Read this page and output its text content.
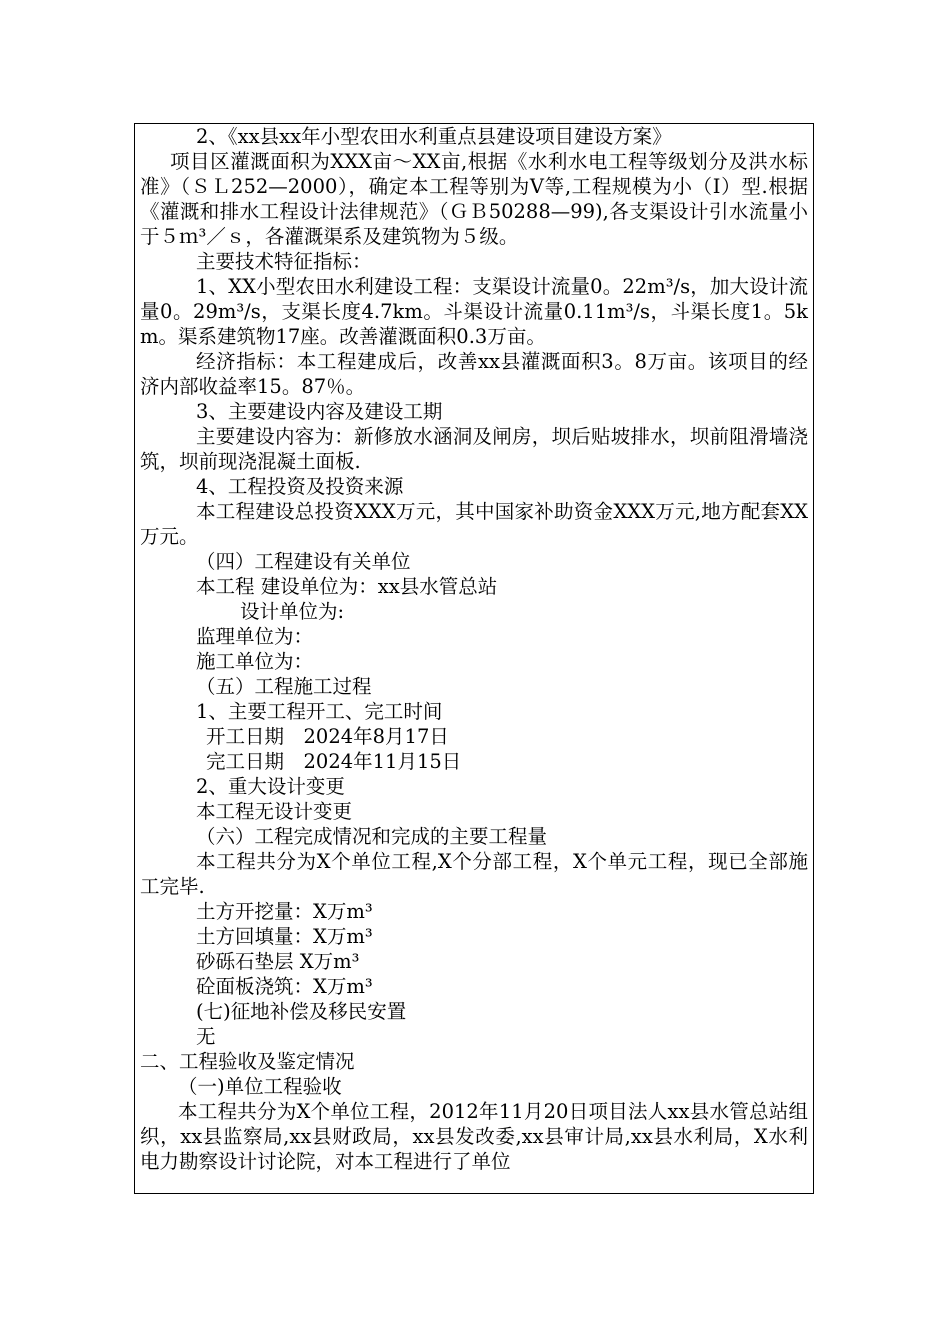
2、《xx县xx年小型农田水利重点县建设项目建设方案》

项目区灌溉面积为XXX亩～XX亩,根据《水利水电工程等级划分及洪水标准》（ＳＬ252—2000），确定本工程等别为Ⅴ等,工程规模为小（Ⅰ）型.根据《灌溉和排水工程设计法律规范》（ＧＢ50288—99),各支渠设计引水流量小于５ｍ³／ｓ，各灌溉渠系及建筑物为５级。

主要技术特征指标：

1、XX小型农田水利建设工程：支渠设计流量0。22m³/s，加大设计流量0。29m³/s，支渠长度4.7km。斗渠设计流量0.11m³/s，斗渠长度1。5km。渠系建筑物17座。改善灌溉面积0.3万亩。

经济指标：本工程建成后，改善xx县灌溉面积3。8万亩。该项目的经济内部收益率15。87％。

3、主要建设内容及建设工期

主要建设内容为：新修放水涵洞及闸房，坝后贴坡排水，坝前阻滑墙浇筑，坝前现浇混凝土面板.

4、工程投资及投资来源

本工程建设总投资XXX万元，其中国家补助资金XXX万元,地方配套XX万元。

（四）工程建设有关单位

本工程 建设单位为：xx县水管总站

设计单位为:

监理单位为：

施工单位为：

（五）工程施工过程

1、主要工程开工、完工时间

开工日期　2024年8月17日

完工日期　2024年11月15日

2、重大设计变更

本工程无设计变更

（六）工程完成情况和完成的主要工程量

本工程共分为X个单位工程,X个分部工程，X个单元工程，现已全部施工完毕.

土方开挖量：X万m³

土方回填量：X万m³

砂砾石垫层 X万m³

砼面板浇筑：X万m³

(七)征地补偿及移民安置

无

二、工程验收及鉴定情况

（一)单位工程验收

本工程共分为X个单位工程，2012年11月20日项目法人xx县水管总站组织，xx县监察局,xx县财政局，xx县发改委,xx县审计局,xx县水利局，X水利电力勘察设计讨论院，对本工程进行了单位
